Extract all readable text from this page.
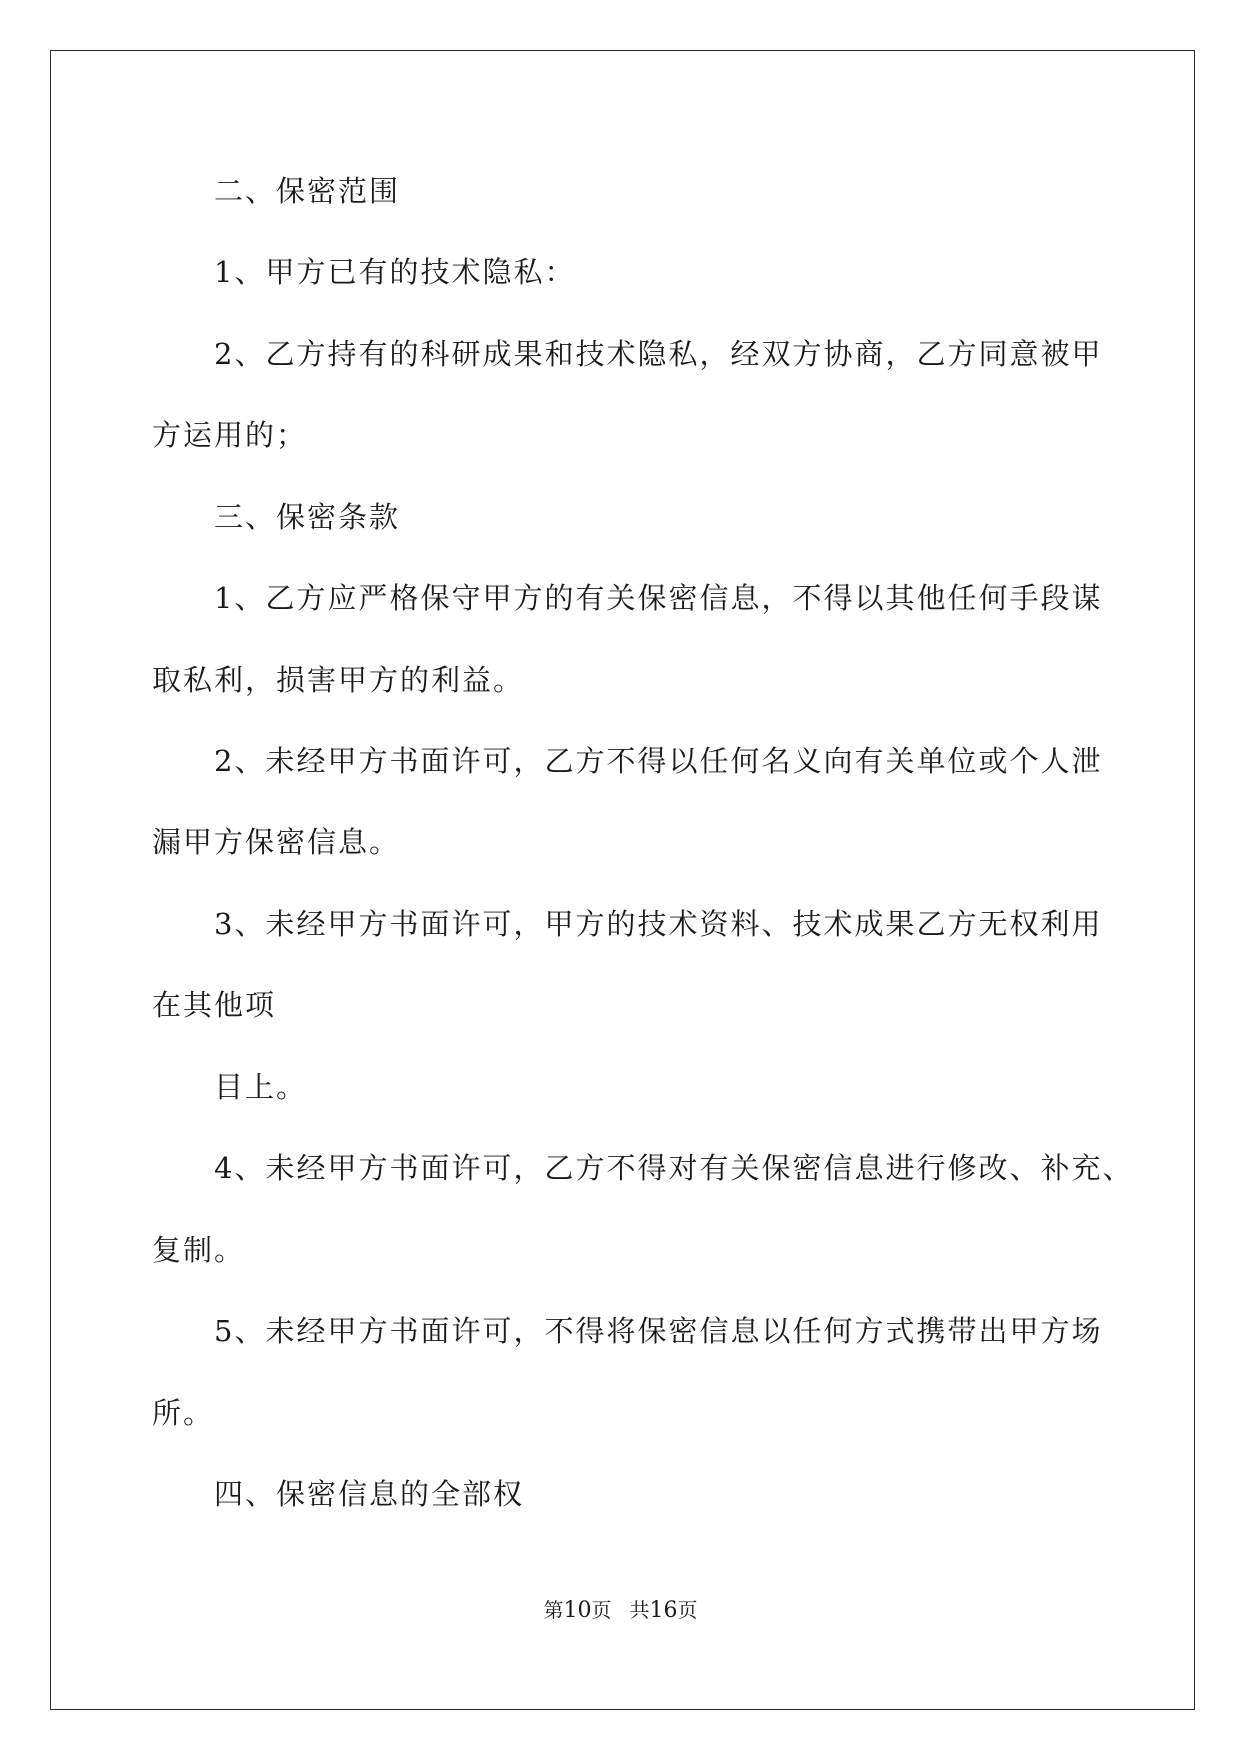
二、保密范围
1、甲方已有的技术隐私：
2、乙方持有的科研成果和技术隐私，经双方协商，乙方同意被甲
方运用的；
三、保密条款
1、乙方应严格保守甲方的有关保密信息，不得以其他任何手段谋
取私利，损害甲方的利益。
2、未经甲方书面许可，乙方不得以任何名义向有关单位或个人泄
漏甲方保密信息。
3、未经甲方书面许可，甲方的技术资料、技术成果乙方无权利用
在其他项
目上。
4、未经甲方书面许可，乙方不得对有关保密信息进行修改、补充、
复制。
5、未经甲方书面许可，不得将保密信息以任何方式携带出甲方场
所。
四、保密信息的全部权
第10页 共16页
